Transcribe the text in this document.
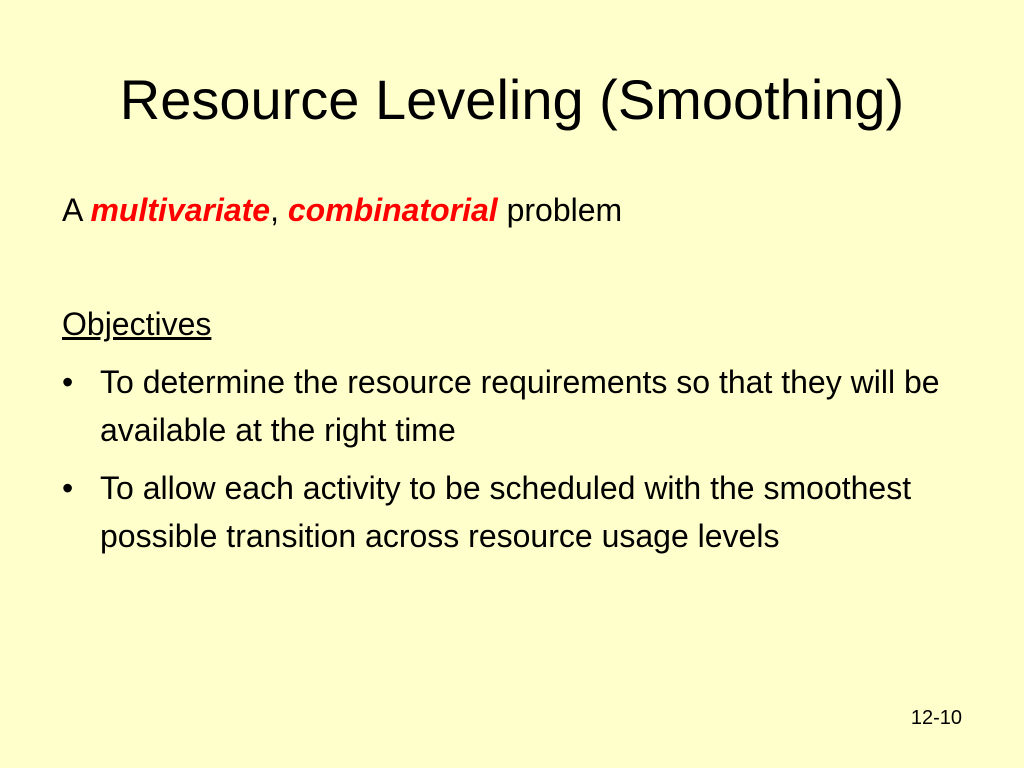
Resource Leveling (Smoothing)
A multivariate, combinatorial problem
Objectives
• To determine the resource requirements so that they will be available at the right time
• To allow each activity to be scheduled with the smoothest possible transition across resource usage levels
12-10
